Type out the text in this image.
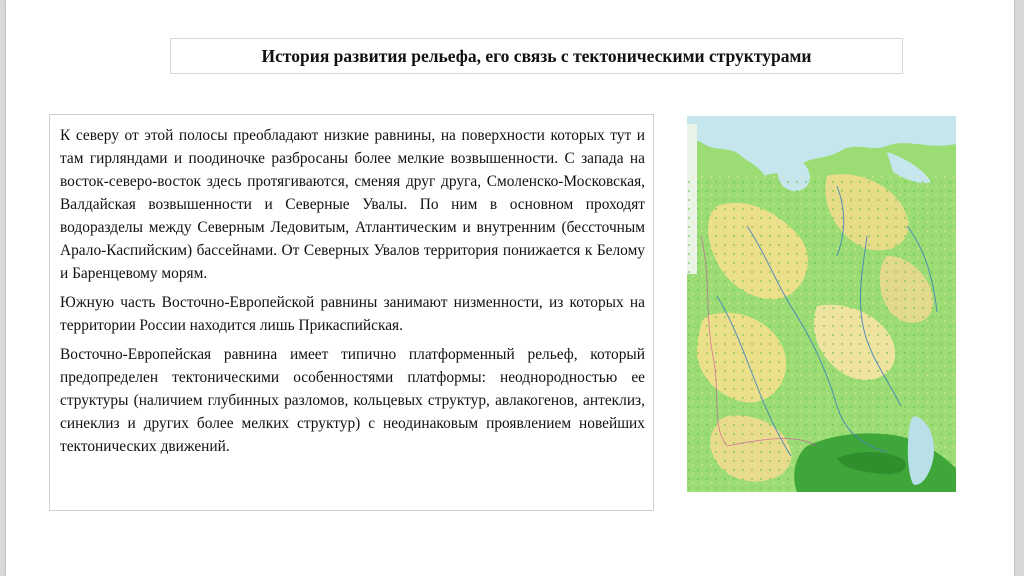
История развития рельефа, его связь с тектоническими структурами

К северу от этой полосы преобладают низкие равнины, на поверхности которых тут и там гирляндами и поодиночке разбросаны более мелкие возвышенности. С запада на восток-северо-восток здесь протягиваются, сменяя друг друга, Смоленско-Московская, Валдайская возвышенности и Северные Увалы. По ним в основном проходят водоразделы между Северным Ледовитым, Атлантическим и внутренним (бессточным Арало-Каспийским) бассейнами. От Северных Увалов территория понижается к Белому и Баренцевому морям.

Южную часть Восточно-Европейской равнины занимают низменности, из которых на территории России находится лишь Прикаспийская.

Восточно-Европейская равнина имеет типично платформенный рельеф, который предопределен тектоническими особенностями платформы: неоднородностью ее структуры (наличием глубинных разломов, кольцевых структур, авлакогенов, антеклиз, синеклиз и других более мелких структур) с неодинаковым проявлением новейших тектонических движений.
